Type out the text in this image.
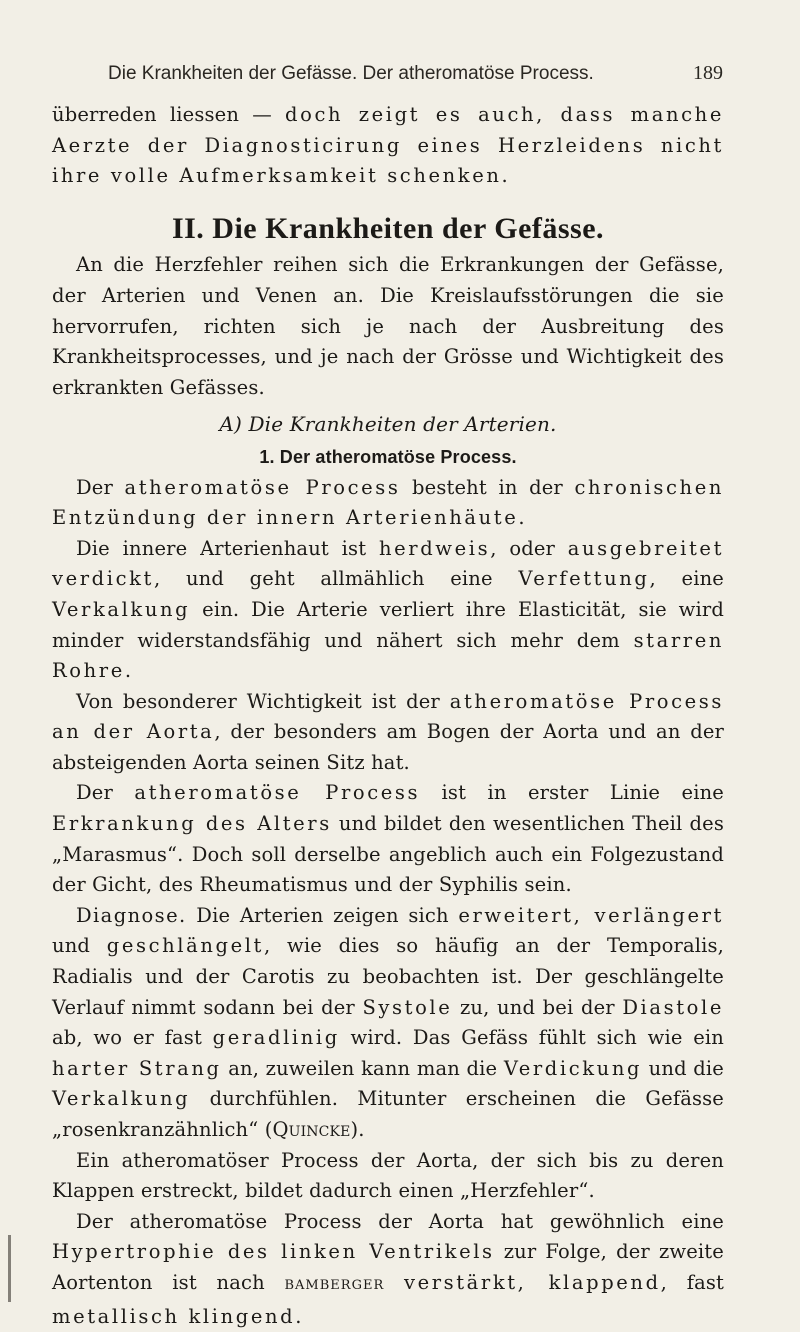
Die Krankheiten der Gefässe. Der atheromatöse Process.	189

überreden liessen — doch zeigt es auch, dass manche Aerzte der Diagnosticirung eines Herzleidens nicht ihre volle Aufmerksamkeit schenken.

II. Die Krankheiten der Gefässe.

An die Herzfehler reihen sich die Erkrankungen der Gefässe, der Arterien und Venen an. Die Kreislaufsstörungen die sie hervorrufen, richten sich je nach der Ausbreitung des Krankheitsprocesses, und je nach der Grösse und Wichtigkeit des erkrankten Gefässes.

A) Die Krankheiten der Arterien.
1. Der atheromatöse Process.

Der atheromatöse Process besteht in der chronischen Entzündung der innern Arterienhäute.

Die innere Arterienhaut ist herdweis, oder ausgebreitet verdickt, und geht allmählich eine Verfettung, eine Verkalkung ein. Die Arterie verliert ihre Elasticität, sie wird minder widerstandsfähig und nähert sich mehr dem starren Rohre.

Von besonderer Wichtigkeit ist der atheromatöse Process an der Aorta, der besonders am Bogen der Aorta und an der absteigenden Aorta seinen Sitz hat.

Der atheromatöse Process ist in erster Linie eine Erkrankung des Alters und bildet den wesentlichen Theil des „Marasmus“. Doch soll derselbe angeblich auch ein Folgezustand der Gicht, des Rheumatismus und der Syphilis sein.

Diagnose. Die Arterien zeigen sich erweitert, verlängert und geschlängelt, wie dies so häufig an der Temporalis, Radialis und der Carotis zu beobachten ist. Der geschlängelte Verlauf nimmt sodann bei der Systole zu, und bei der Diastole ab, wo er fast geradlinig wird. Das Gefäss fühlt sich wie ein harter Strang an, zuweilen kann man die Verdickung und die Verkalkung durchfühlen. Mitunter erscheinen die Gefässe „rosenkranzähnlich“ (Quincke).

Ein atheromatöser Process der Aorta, der sich bis zu deren Klappen erstreckt, bildet dadurch einen „Herzfehler“.

Der atheromatöse Process der Aorta hat gewöhnlich eine Hypertrophie des linken Ventrikels zur Folge, der zweite Aortenton ist nach BAMBERGER verstärkt, klappend, fast metallisch klingend.
